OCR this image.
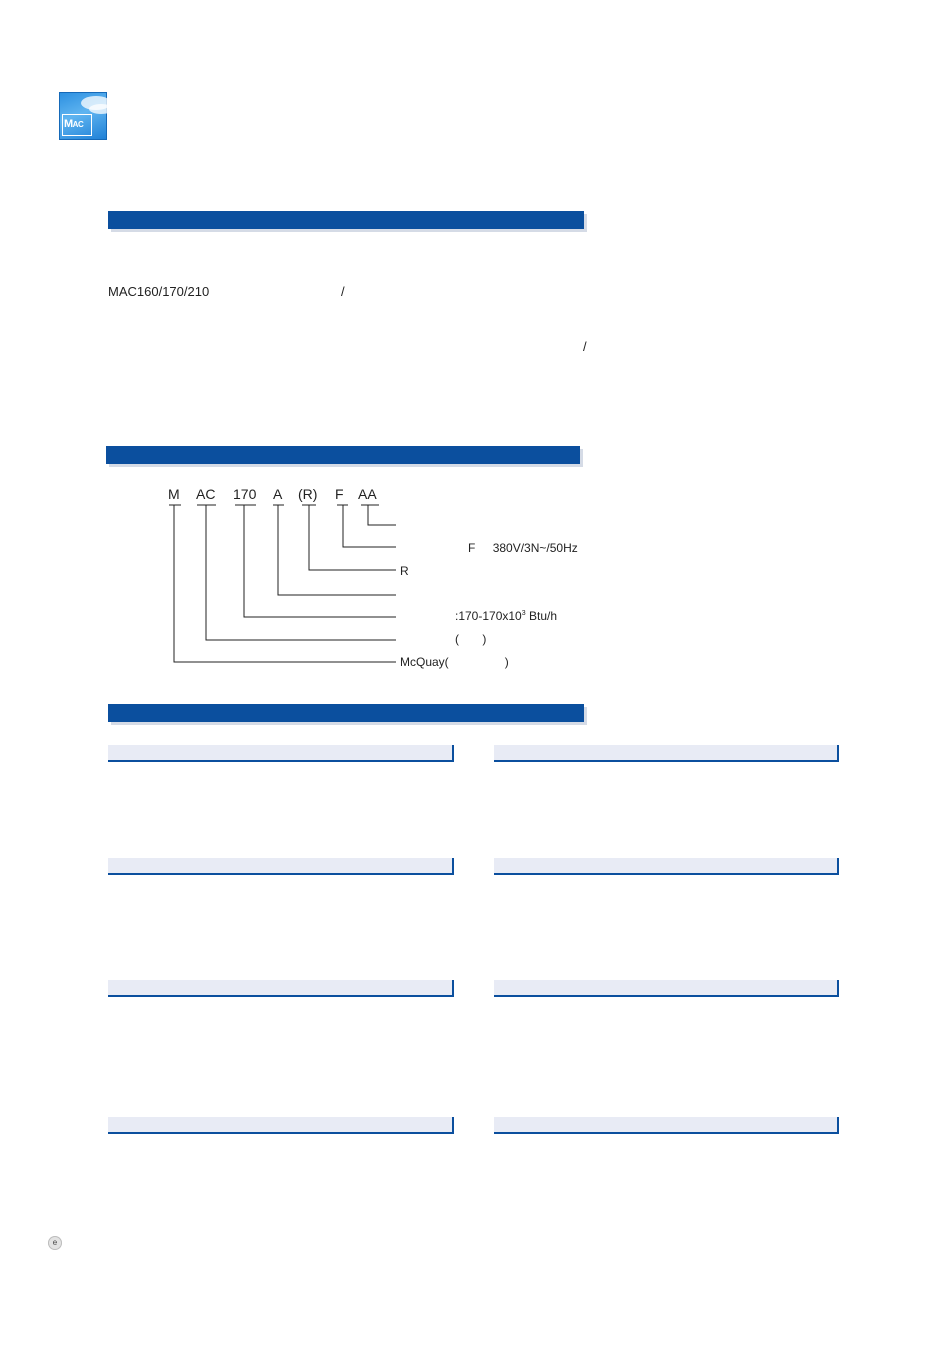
MAC
MAC160/170/210	/
/
M AC 170 A (R) F AA
F 380V/3N~/50Hz
R
$:170-170x10^3$ Btu/h
( )
McQuay(	)
e
